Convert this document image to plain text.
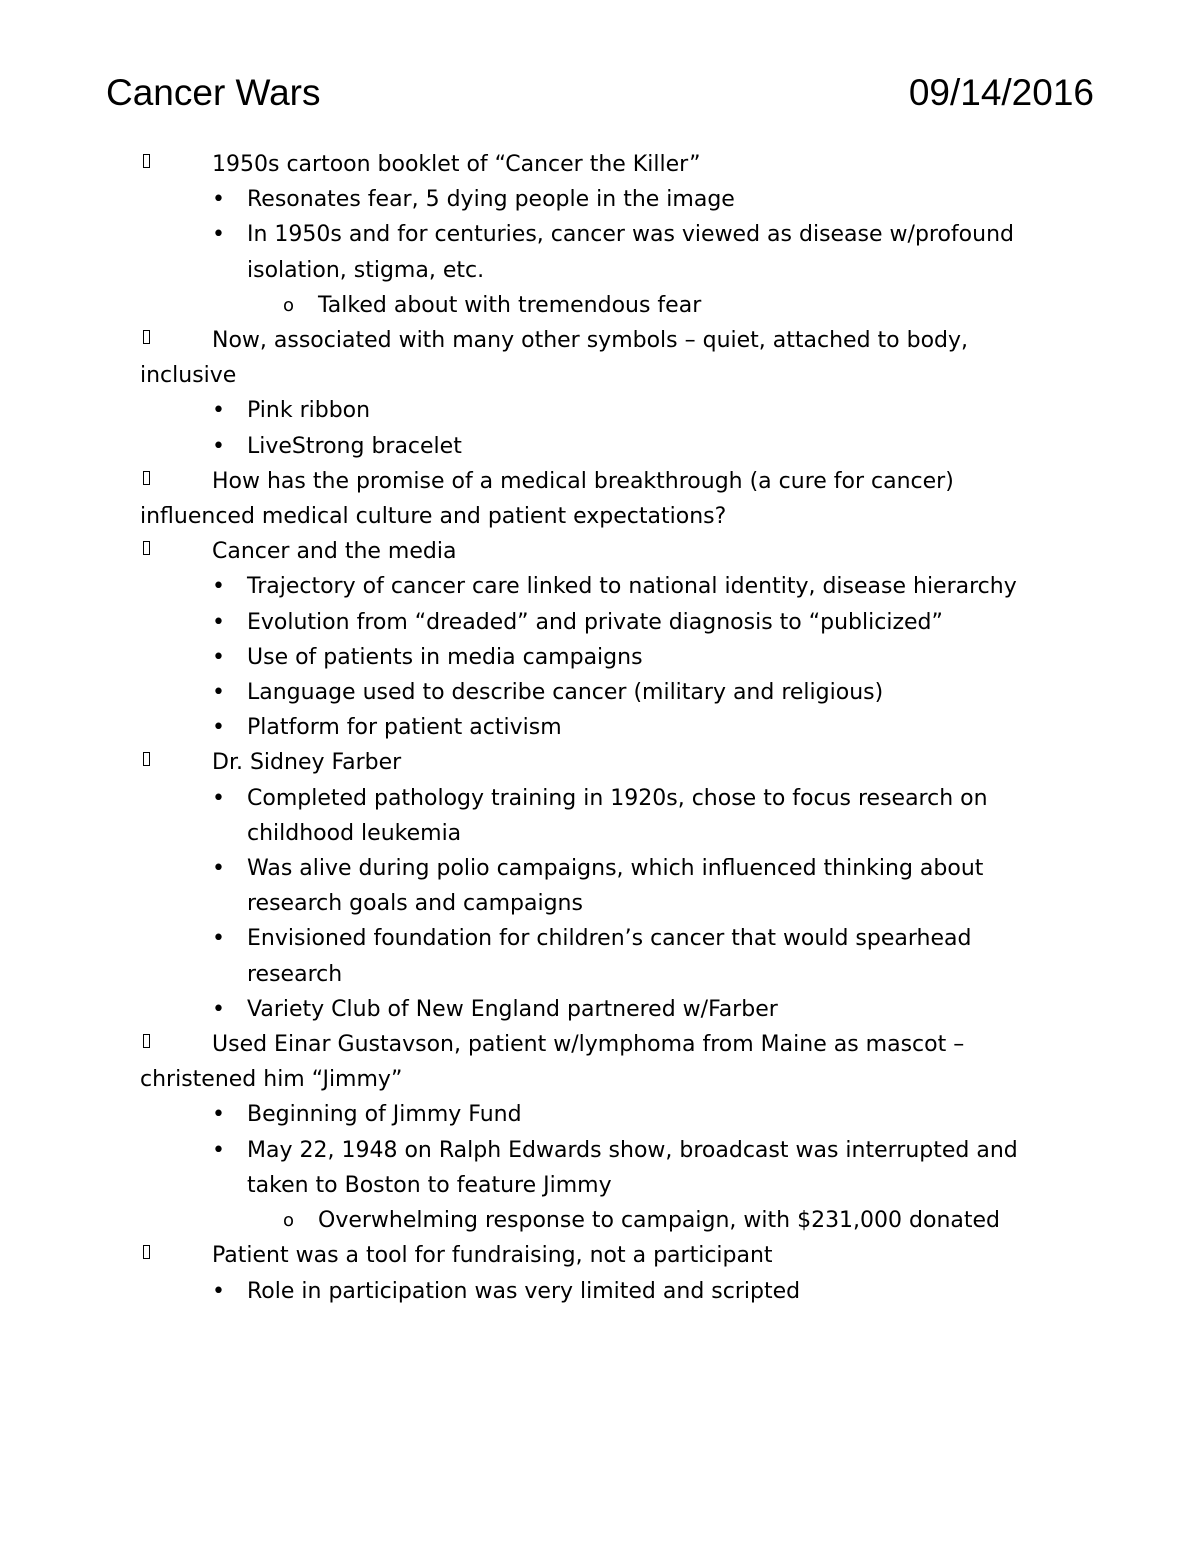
Cancer Wars	09/14/2016
1950s cartoon booklet of “Cancer the Killer”
•	Resonates fear, 5 dying people in the image
•	In 1950s and for centuries, cancer was viewed as disease w/profound isolation, stigma, etc.
o	Talked about with tremendous fear
Now, associated with many other symbols – quiet, attached to body, inclusive
•	Pink ribbon
•	LiveStrong bracelet
How has the promise of a medical breakthrough (a cure for cancer) influenced medical culture and patient expectations?
Cancer and the media
•	Trajectory of cancer care linked to national identity, disease hierarchy
•	Evolution from “dreaded” and private diagnosis to “publicized”
•	Use of patients in media campaigns
•	Language used to describe cancer (military and religious)
•	Platform for patient activism
Dr. Sidney Farber
•	Completed pathology training in 1920s, chose to focus research on childhood leukemia
•	Was alive during polio campaigns, which influenced thinking about research goals and campaigns
•	Envisioned foundation for children’s cancer that would spearhead research
•	Variety Club of New England partnered w/Farber
Used Einar Gustavson, patient w/lymphoma from Maine as mascot – christened him “Jimmy”
•	Beginning of Jimmy Fund
•	May 22, 1948 on Ralph Edwards show, broadcast was interrupted and taken to Boston to feature Jimmy
o	Overwhelming response to campaign, with $231,000 donated
Patient was a tool for fundraising, not a participant
•	Role in participation was very limited and scripted
